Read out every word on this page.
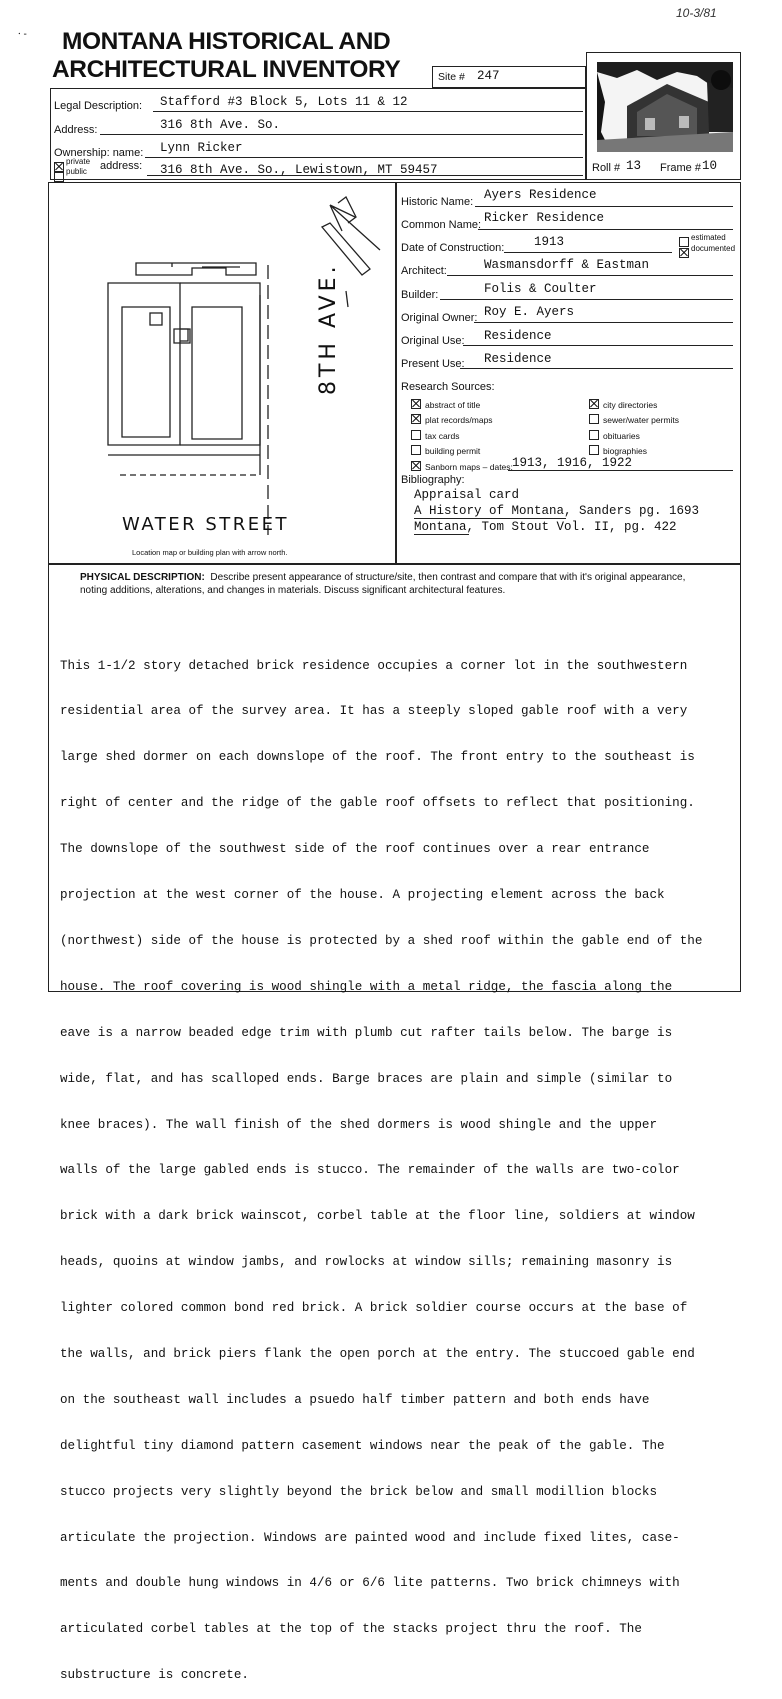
10-3/81
⸱ - MONTANA HISTORICAL AND
ARCHITECTURAL INVENTORY	Site # 247
Roll # 13 Frame # 10
Legal Description: Stafford #3 Block 5, Lots 11 & 12
Address:	316 8th Ave. So.
Ownership: name: Lynn Ricker
private
public address: 316 8th Ave. So., Lewistown, MT 59457
8TH AVE.
WATER STREET
Location map or building plan with arrow north.
Historic Name: Ayers Residence
Common Name: Ricker Residence
Date of Construction: 1913	estimated
documented
Architect:	Wasmansdorff & Eastman
Builder:	Folis & Coulter
Original Owner: Roy E. Ayers
Original Use: Residence
Present Use: Residence
Research Sources:
abstract of title	city directories
plat records/maps	sewer/water permits
tax cards	obituaries
building permit	biographies
Sanborn maps – dates: 1913, 1916, 1922
Bibliography:
Appraisal card
A History of Montana, Sanders pg. 1693
Montana, Tom Stout Vol. II, pg. 422
PHYSICAL DESCRIPTION: Describe present appearance of structure/site, then contrast and compare that with it's original appearance,
noting additions, alterations, and changes in materials. Discuss significant architectural features.

This 1-1/2 story detached brick residence occupies a corner lot in the southwestern

residential area of the survey area. It has a steeply sloped gable roof with a very

large shed dormer on each downslope of the roof. The front entry to the southeast is

right of center and the ridge of the gable roof offsets to reflect that positioning.

The downslope of the southwest side of the roof continues over a rear entrance

projection at the west corner of the house. A projecting element across the back

(northwest) side of the house is protected by a shed roof within the gable end of the

house. The roof covering is wood shingle with a metal ridge, the fascia along the

eave is a narrow beaded edge trim with plumb cut rafter tails below. The barge is

wide, flat, and has scalloped ends. Barge braces are plain and simple (similar to

knee braces). The wall finish of the shed dormers is wood shingle and the upper

walls of the large gabled ends is stucco. The remainder of the walls are two-color

brick with a dark brick wainscot, corbel table at the floor line, soldiers at window

heads, quoins at window jambs, and rowlocks at window sills; remaining masonry is

lighter colored common bond red brick. A brick soldier course occurs at the base of

the walls, and brick piers flank the open porch at the entry. The stuccoed gable end

on the southeast wall includes a psuedo half timber pattern and both ends have

delightful tiny diamond pattern casement windows near the peak of the gable. The

stucco projects very slightly beyond the brick below and small modillion blocks

articulate the projection. Windows are painted wood and include fixed lites, case-

ments and double hung windows in 4/6 or 6/6 lite patterns. Two brick chimneys with

articulated corbel tables at the top of the stacks project thru the roof. The

substructure is concrete.
